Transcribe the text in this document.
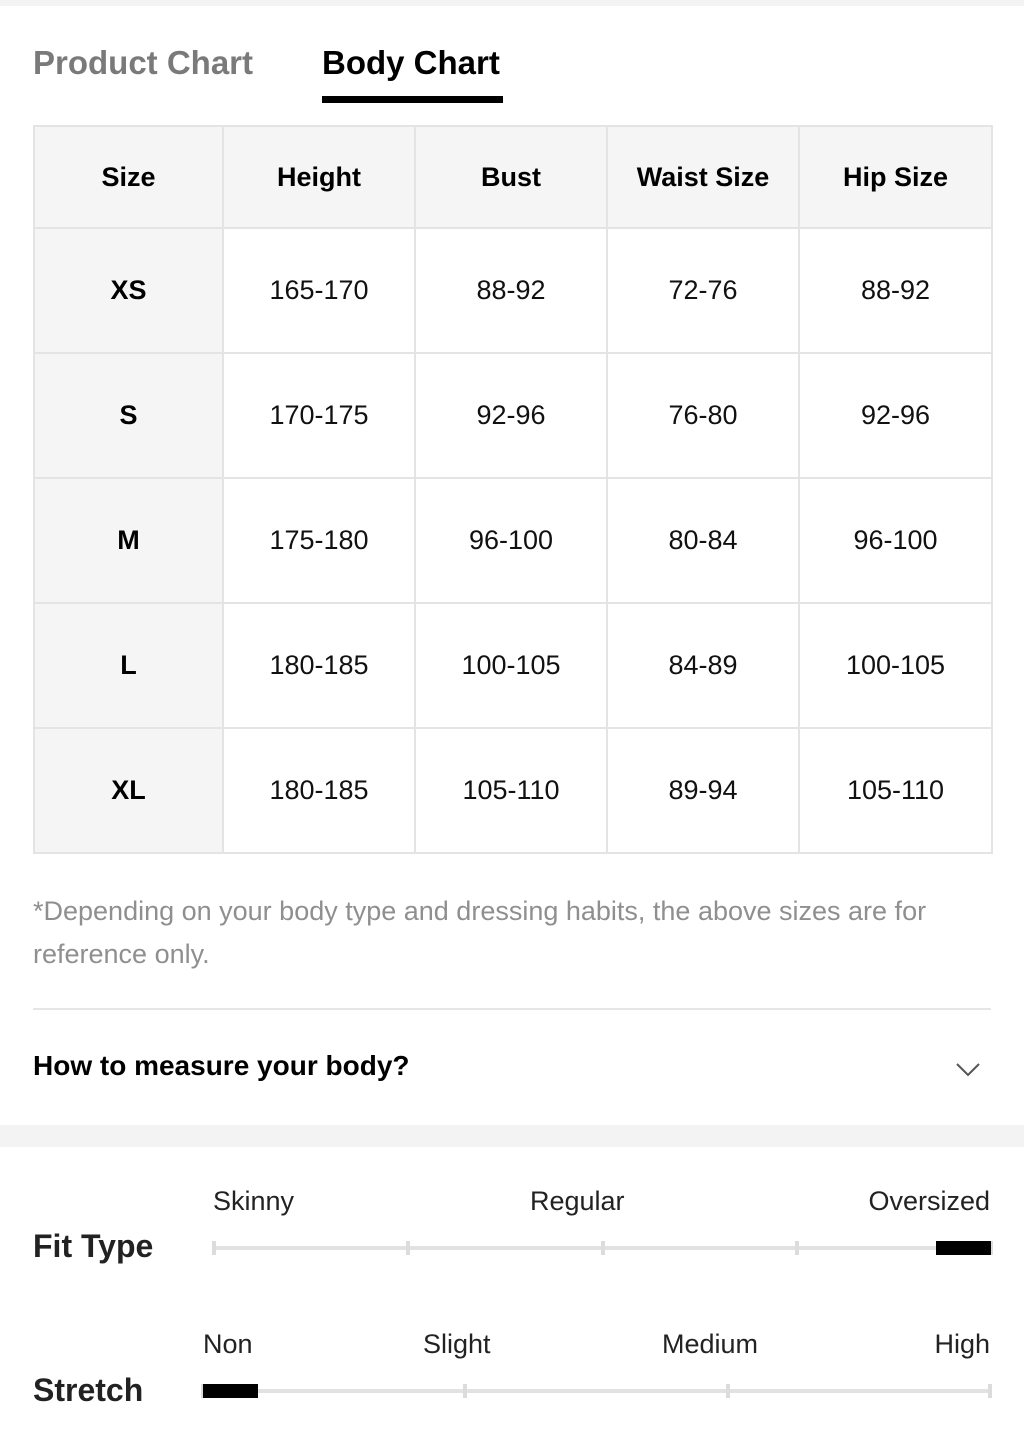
Product Chart Body Chart
Size	Height	Bust	Waist Size	Hip Size
XS	165-170	88-92	72-76	88-92
S	170-175	92-96	76-80	92-96
M	175-180	96-100	80-84	96-100
L	180-185	100-105	84-89	100-105
XL	180-185	105-110	89-94	105-110
*Depending on your body type and dressing habits, the above sizes are for reference only.
How to measure your body?
Fit Type
Skinny	Regular	Oversized
Stretch
Non	Slight	Medium	High
